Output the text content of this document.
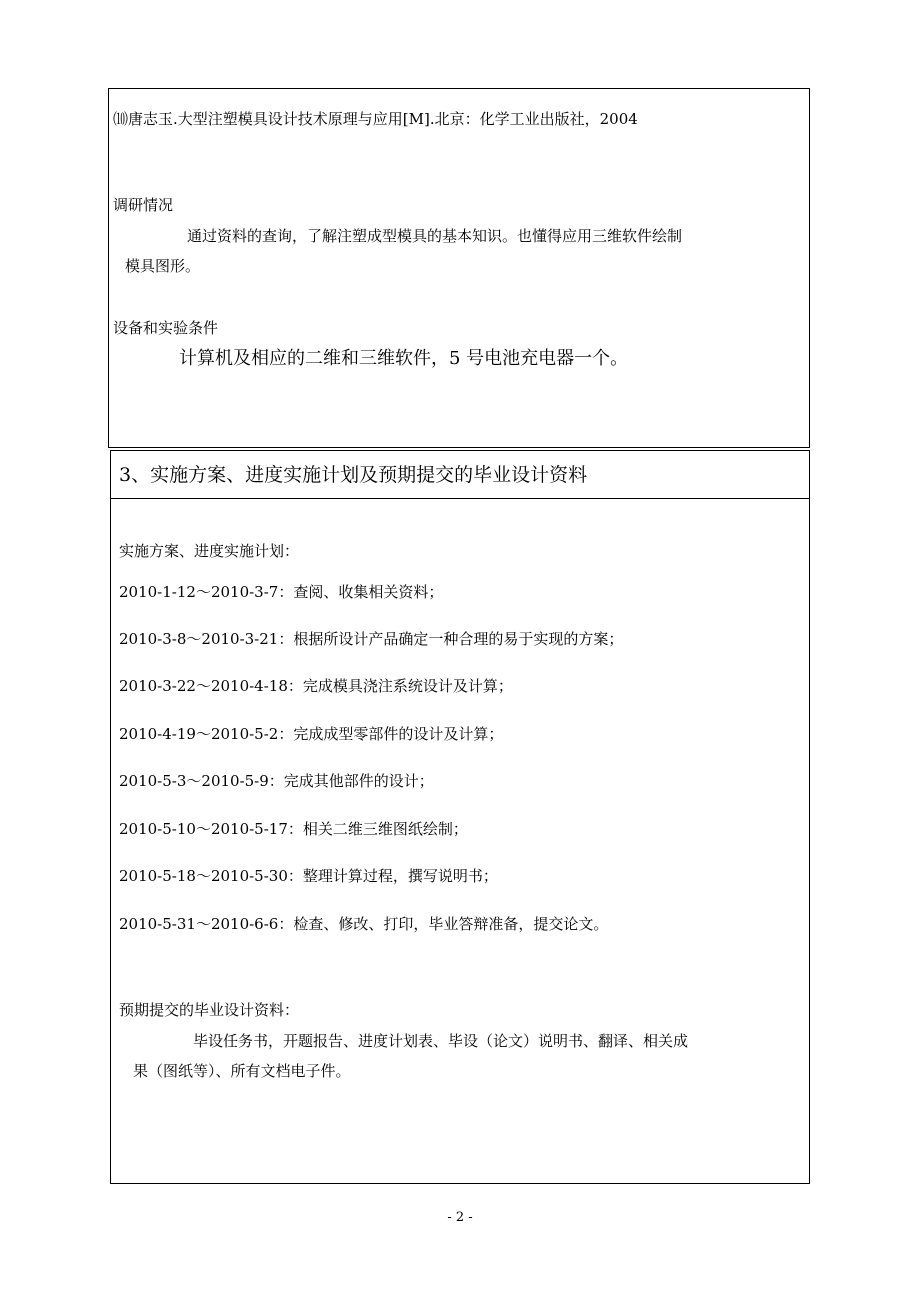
⑽唐志玉.大型注塑模具设计技术原理与应用[M].北京：化学工业出版社，2004
调研情况
通过资料的查询，了解注塑成型模具的基本知识。也懂得应用三维软件绘制
模具图形。
设备和实验条件
计算机及相应的二维和三维软件，5 号电池充电器一个。
3、实施方案、进度实施计划及预期提交的毕业设计资料
实施方案、进度实施计划：
2010-1-12～2010-3-7：查阅、收集相关资料；
2010-3-8～2010-3-21：根据所设计产品确定一种合理的易于实现的方案；
2010-3-22～2010-4-18：完成模具浇注系统设计及计算；
2010-4-19～2010-5-2：完成成型零部件的设计及计算；
2010-5-3～2010-5-9：完成其他部件的设计；
2010-5-10～2010-5-17：相关二维三维图纸绘制；
2010-5-18～2010-5-30：整理计算过程，撰写说明书；
2010-5-31～2010-6-6：检查、修改、打印，毕业答辩准备，提交论文。
预期提交的毕业设计资料：
毕设任务书，开题报告、进度计划表、毕设（论文）说明书、翻译、相关成
果（图纸等）、所有文档电子件。
- 2 -
